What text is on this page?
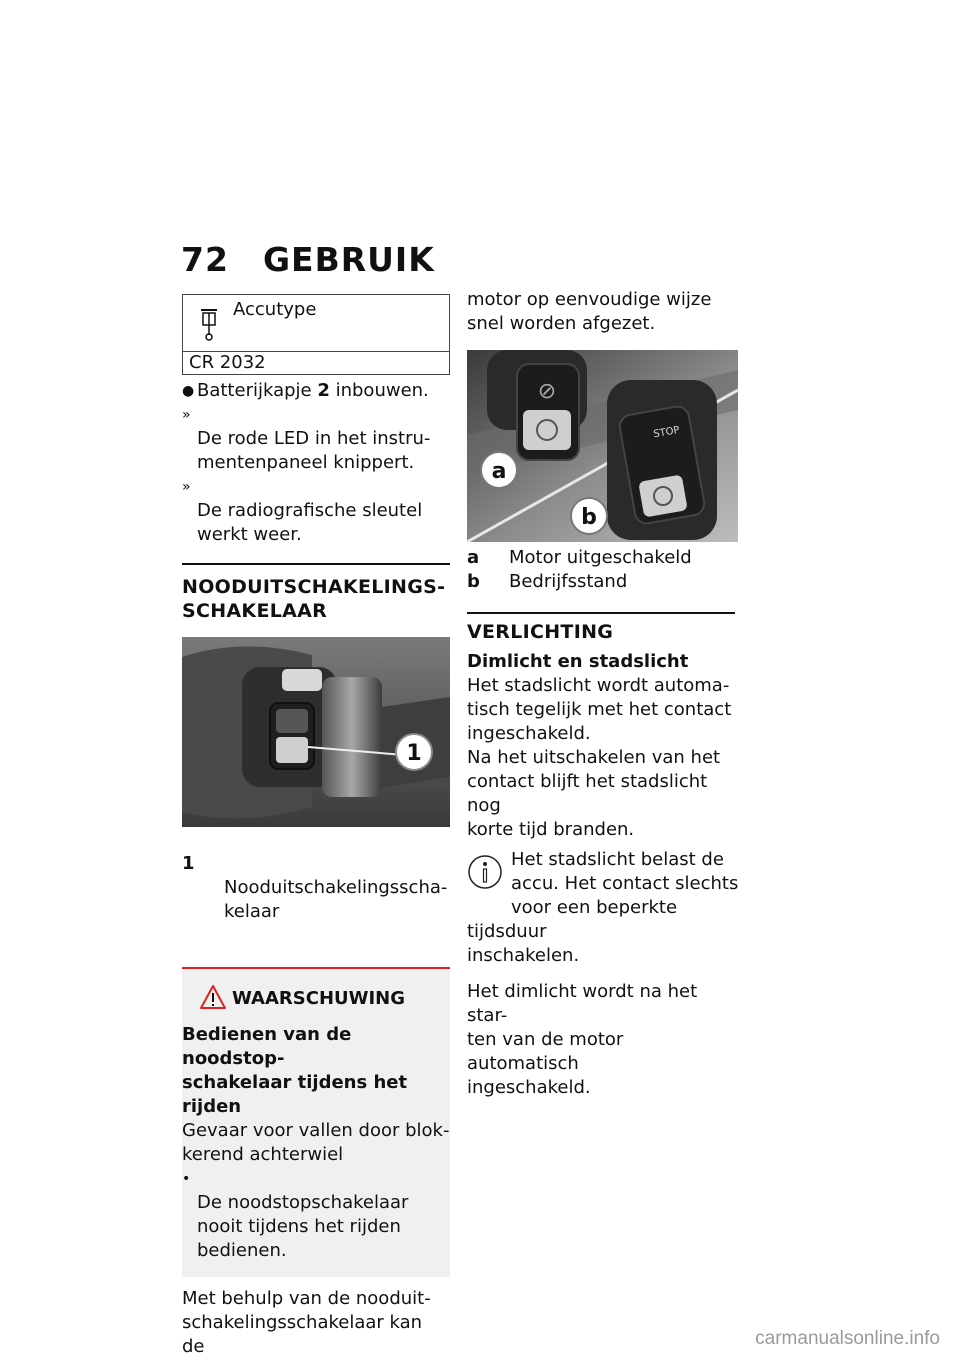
72 GEBRUIK
Accutype
CR 2032
● Batterijkapje 2 inbouwen.

»
De rode LED in het instru-
mentenpaneel knippert.

»
De radiografische sleutel
werkt weer.

NOODUITSCHAKELINGS-
SCHAKELAAR
1

1
Nooduitschakelingsscha-
kelaar

WAARSCHUWING
Bedienen van de noodstop-
schakelaar tijdens het rijden
Gevaar voor vallen door blok-
kerend achterwiel

•
De noodstopschakelaar
nooit tijdens het rijden
bedienen.

Met behulp van de nooduit-
schakelingsschakelaar kan de
motor op eenvoudige wijze
snel worden afgezet.
⊘
STOP
a
b
a Motor uitgeschakeld
b Bedrijfsstand
VERLICHTING
Dimlicht en stadslicht
Het stadslicht wordt automa-
tisch tegelijk met het contact
ingeschakeld.
Na het uitschakelen van het
contact blijft het stadslicht nog
korte tijd branden.
Het stadslicht belast de
accu. Het contact slechts
voor een beperkte tijdsduur
inschakelen.
Het dimlicht wordt na het star-
ten van de motor automatisch
ingeschakeld.
carmanualsonline.info
